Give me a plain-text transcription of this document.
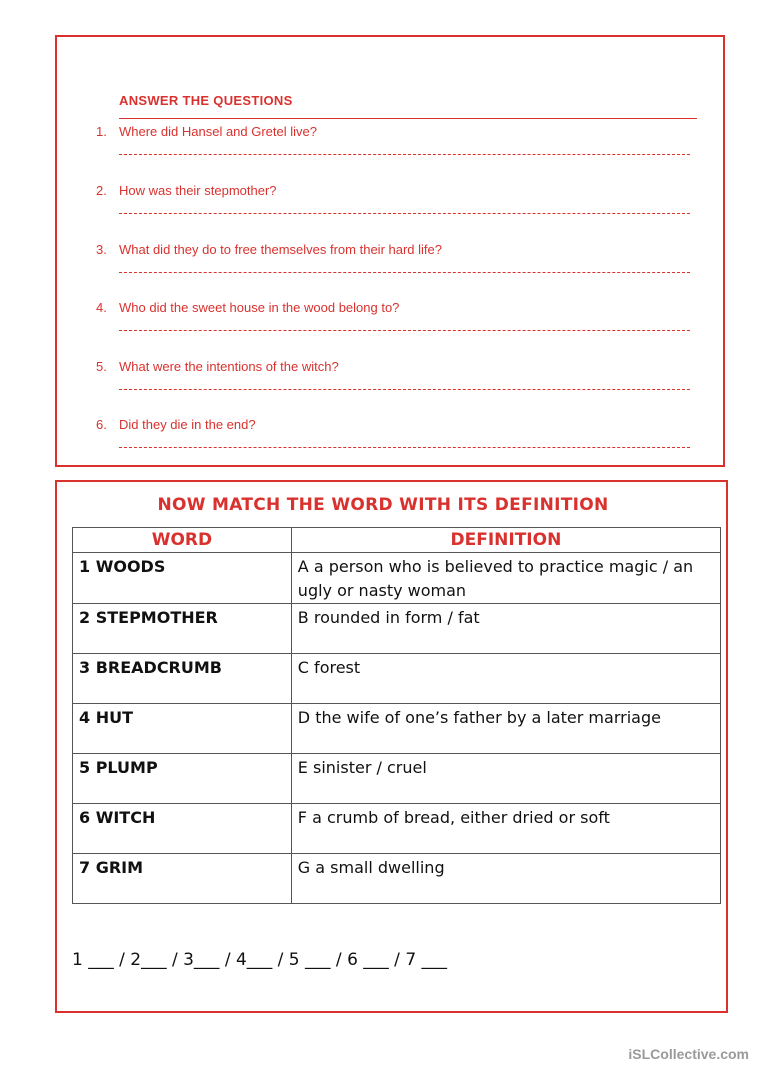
ANSWER THE QUESTIONS
1. Where did Hansel and Gretel live?
2. How was their stepmother?
3. What did they do to free themselves from their hard life?
4. Who did the sweet house in the wood belong to?
5. What were the intentions of the witch?
6. Did they die in the end?
NOW MATCH THE WORD WITH ITS DEFINITION
WORD	DEFINITION
1 WOODS	A a person who is believed to practice magic / an ugly or nasty woman
2 STEPMOTHER	B rounded in form / fat
3 BREADCRUMB	C forest
4 HUT	D the wife of one’s father by a later marriage
5 PLUMP	E sinister / cruel
6 WITCH	F a crumb of bread, either dried or soft
7 GRIM	G a small dwelling
1 ___ / 2___ / 3___ / 4___ / 5 ___ / 6 ___ / 7 ___
iSLCollective.com
